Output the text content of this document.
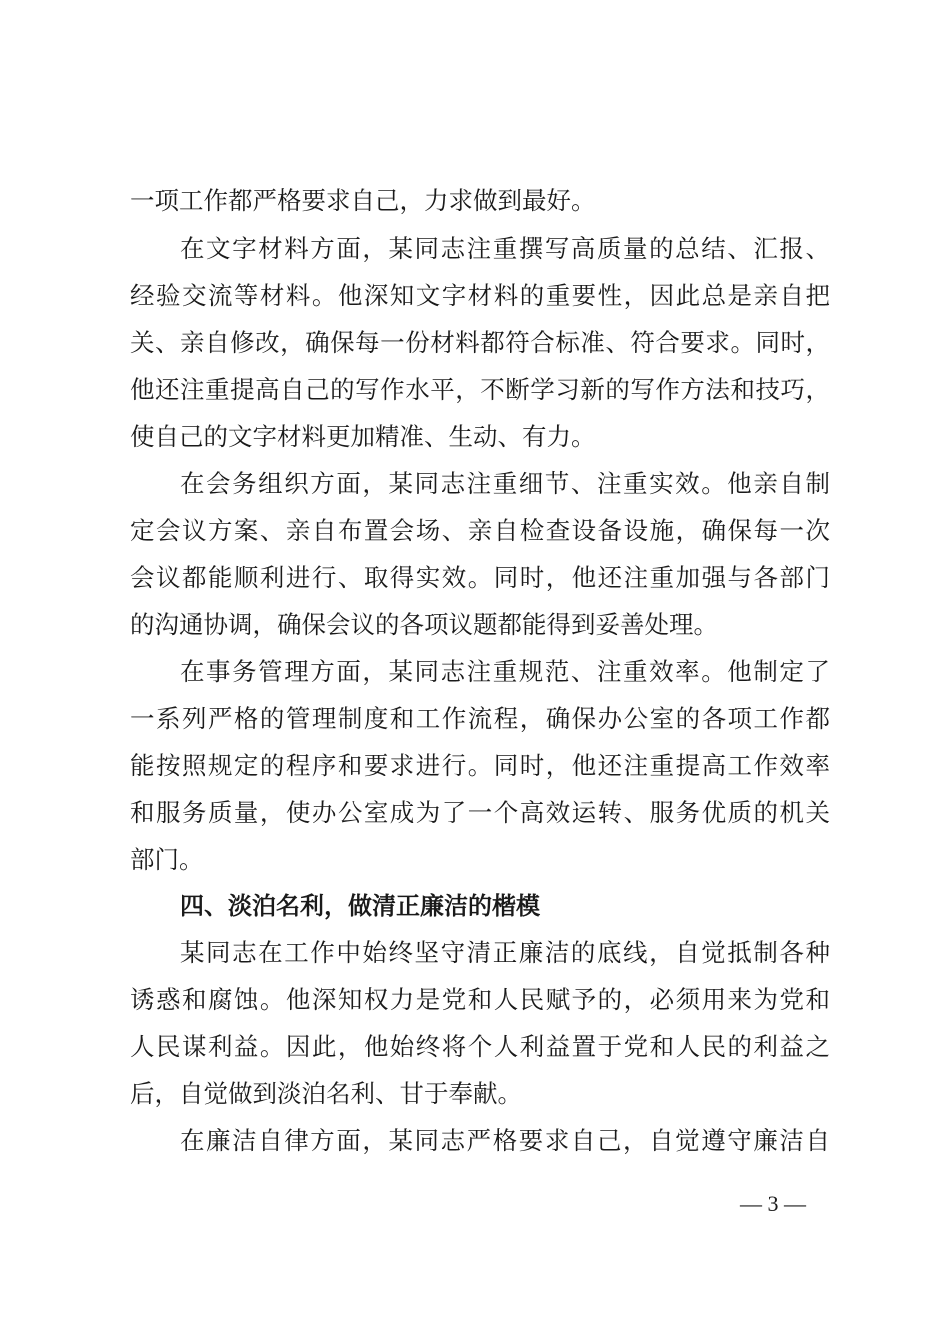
一项工作都严格要求自己，力求做到最好。
在文字材料方面，某同志注重撰写高质量的总结、汇报、
经验交流等材料。他深知文字材料的重要性，因此总是亲自把
关、亲自修改，确保每一份材料都符合标准、符合要求。同时，
他还注重提高自己的写作水平，不断学习新的写作方法和技巧，
使自己的文字材料更加精准、生动、有力。
在会务组织方面，某同志注重细节、注重实效。他亲自制
定会议方案、亲自布置会场、亲自检查设备设施，确保每一次
会议都能顺利进行、取得实效。同时，他还注重加强与各部门
的沟通协调，确保会议的各项议题都能得到妥善处理。
在事务管理方面，某同志注重规范、注重效率。他制定了
一系列严格的管理制度和工作流程，确保办公室的各项工作都
能按照规定的程序和要求进行。同时，他还注重提高工作效率
和服务质量，使办公室成为了一个高效运转、服务优质的机关
部门。
四、淡泊名利，做清正廉洁的楷模
某同志在工作中始终坚守清正廉洁的底线，自觉抵制各种
诱惑和腐蚀。他深知权力是党和人民赋予的，必须用来为党和
人民谋利益。因此，他始终将个人利益置于党和人民的利益之
后，自觉做到淡泊名利、甘于奉献。
在廉洁自律方面，某同志严格要求自己，自觉遵守廉洁自
— 3 —
